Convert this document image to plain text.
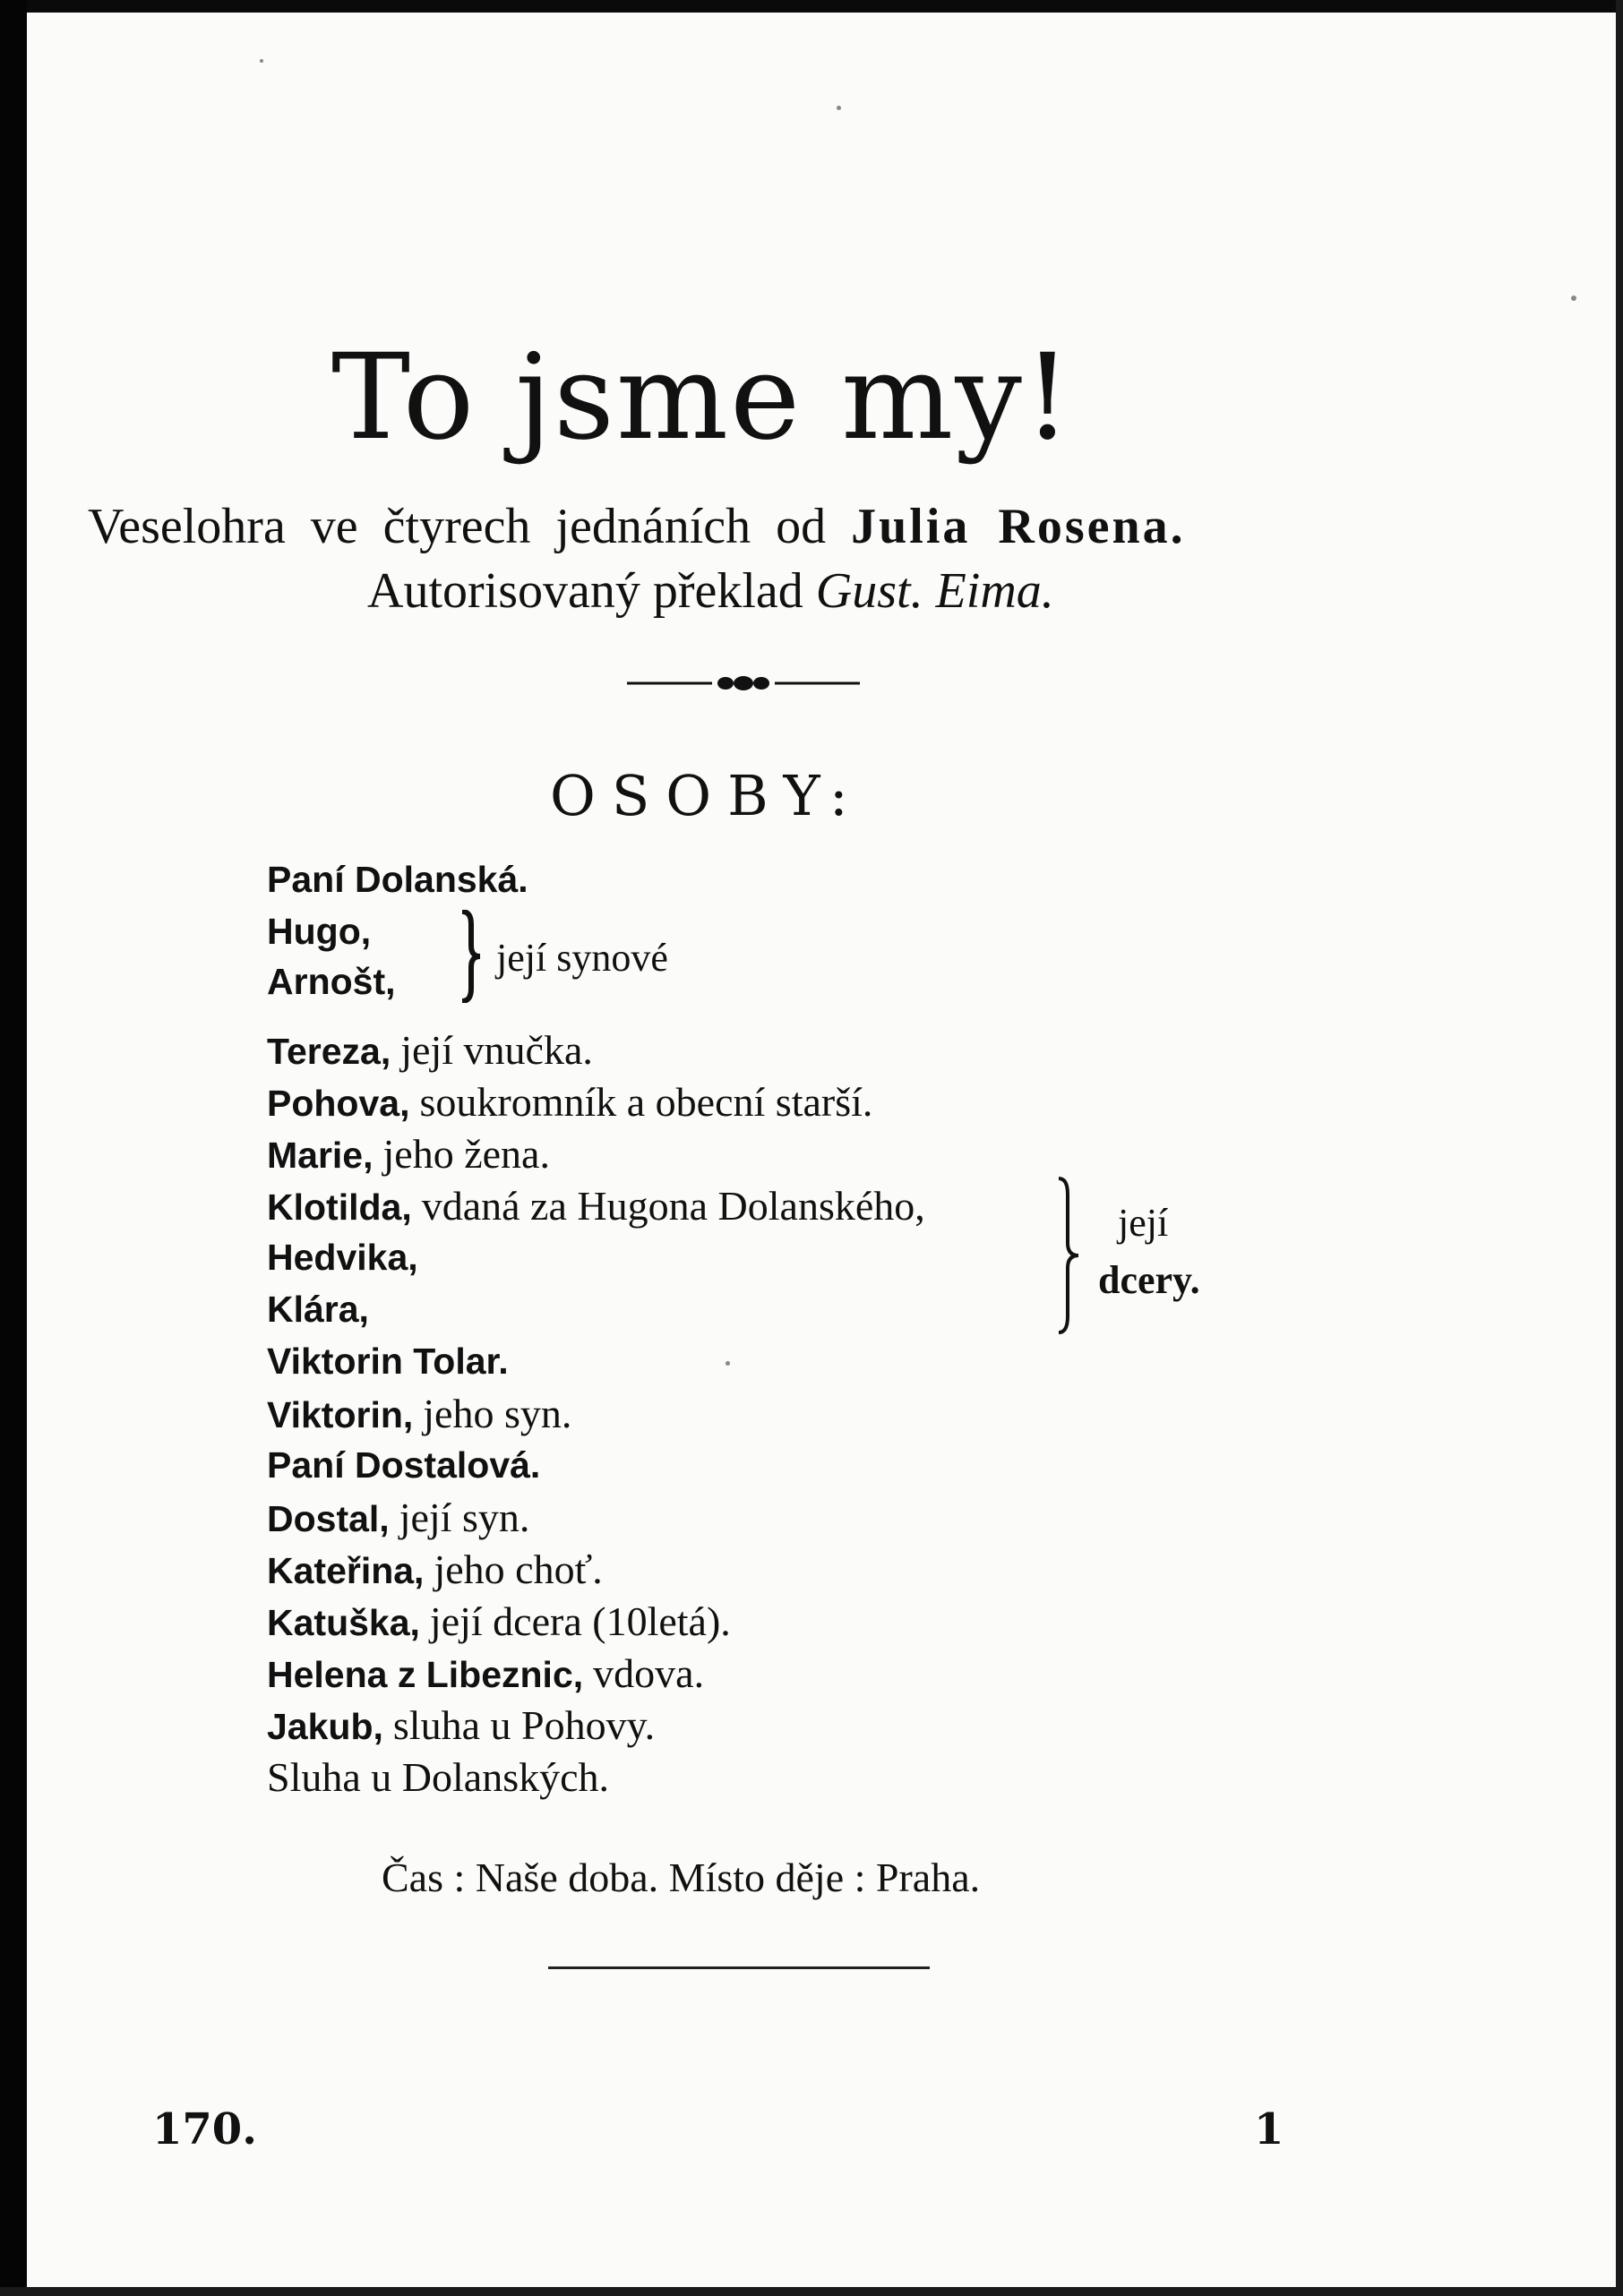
To jsme my!
Veselohra ve čtyrech jednáních od Julia Rosena.
Autorisovaný překlad Gust. Eima.
OSOBY:
Paní Dolanská.
Hugo,
Arnošt,
Tereza, její vnučka.
Pohova, soukromník a obecní starší.
Marie, jeho žena.
Klotilda, vdaná za Hugona Dolanského,
Hedvika,
Klára,
Viktorin Tolar.
Viktorin, jeho syn.
Paní Dostalová.
Dostal, její syn.
Kateřina, jeho choť.
Katuška, její dcera (10letá).
Helena z Libeznic, vdova.
Jakub, sluha u Pohovy.
Sluha u Dolanských.
její synové
její
dcery.
Čas : Naše doba. Místo děje : Praha.
170.	1
